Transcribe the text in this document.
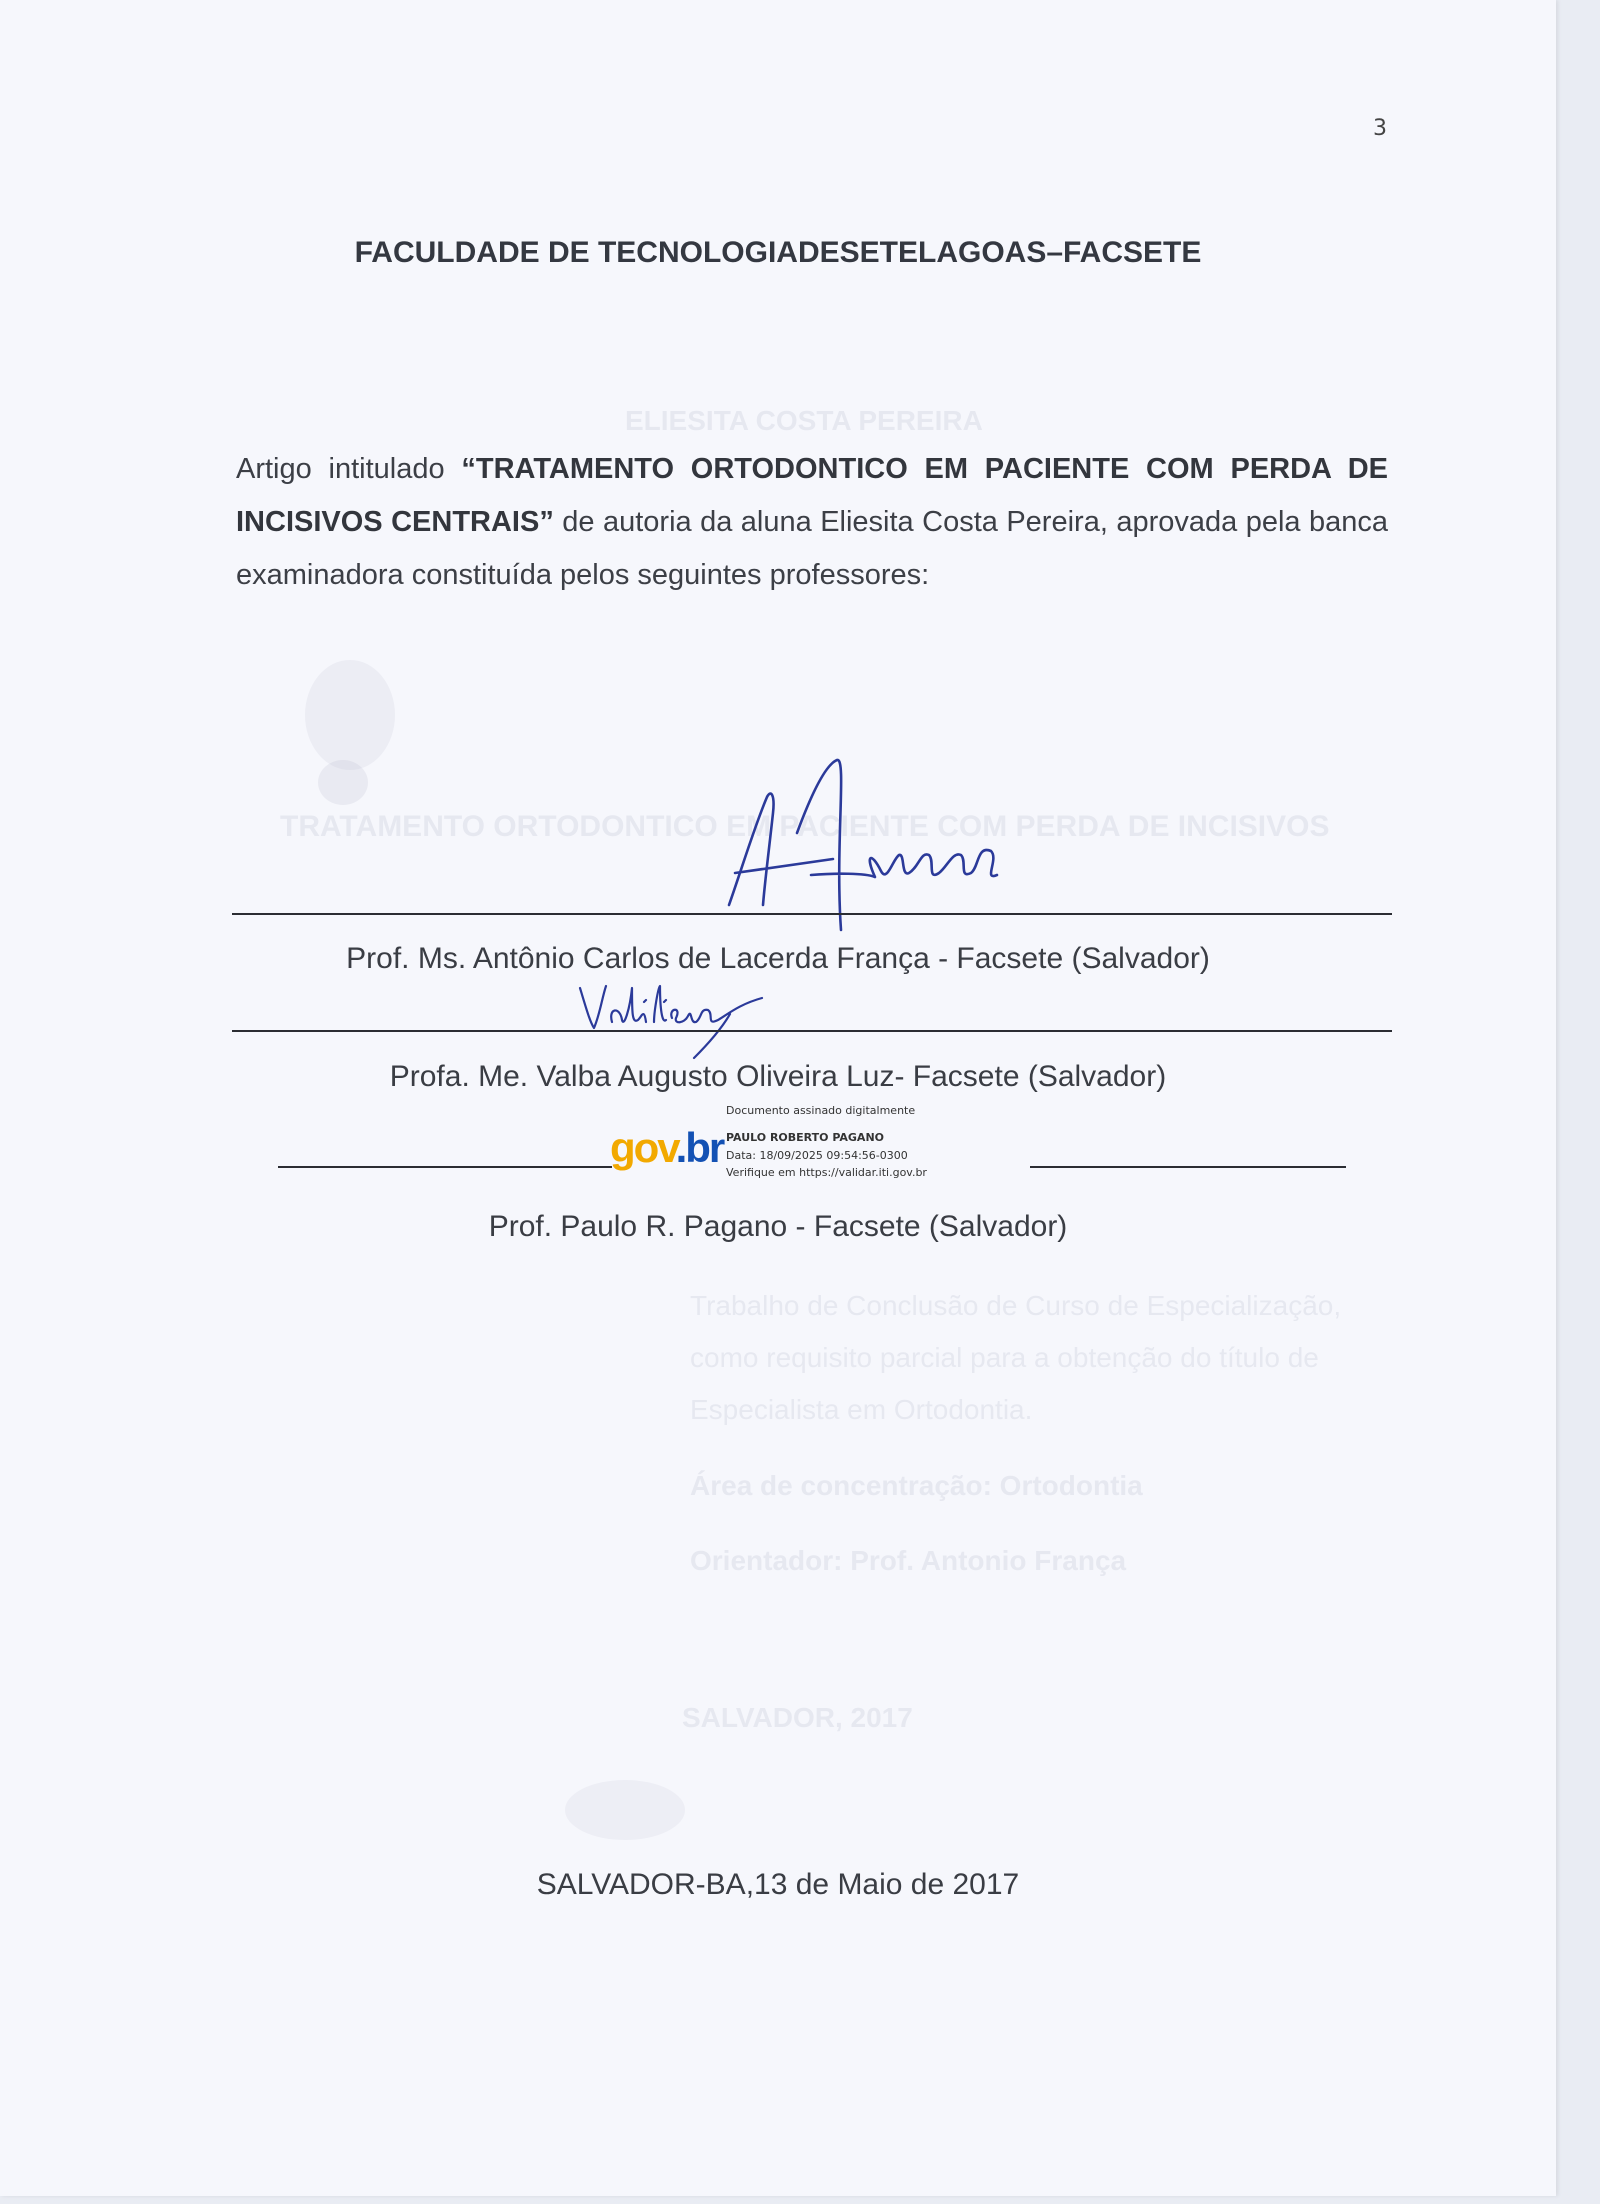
ELIESITA COSTA PEREIRA
TRATAMENTO ORTODONTICO EM PACIENTE COM PERDA DE INCISIVOS
Trabalho de Conclusão de Curso de Especialização,
como requisito parcial para a obtenção do título de
Especialista em Ortodontia.
Área de concentração: Ortodontia
Orientador: Prof. Antonio França
SALVADOR, 2017
3
FACULDADE DE TECNOLOGIADESETELAGOAS–FACSETE
Artigo intitulado “TRATAMENTO ORTODONTICO EM PACIENTE COM PERDA DE INCISIVOS CENTRAIS” de autoria da aluna Eliesita Costa Pereira, aprovada pela banca examinadora constituída pelos seguintes professores:
Prof. Ms. Antônio Carlos de Lacerda França - Facsete (Salvador)
Profa. Me. Valba Augusto Oliveira Luz- Facsete (Salvador)
gov.br
Documento assinado digitalmente
PAULO ROBERTO PAGANO
Data: 18/09/2025 09:54:56-0300
Verifique em https://validar.iti.gov.br
Prof. Paulo R. Pagano - Facsete (Salvador)
SALVADOR-BA,13 de Maio de 2017
